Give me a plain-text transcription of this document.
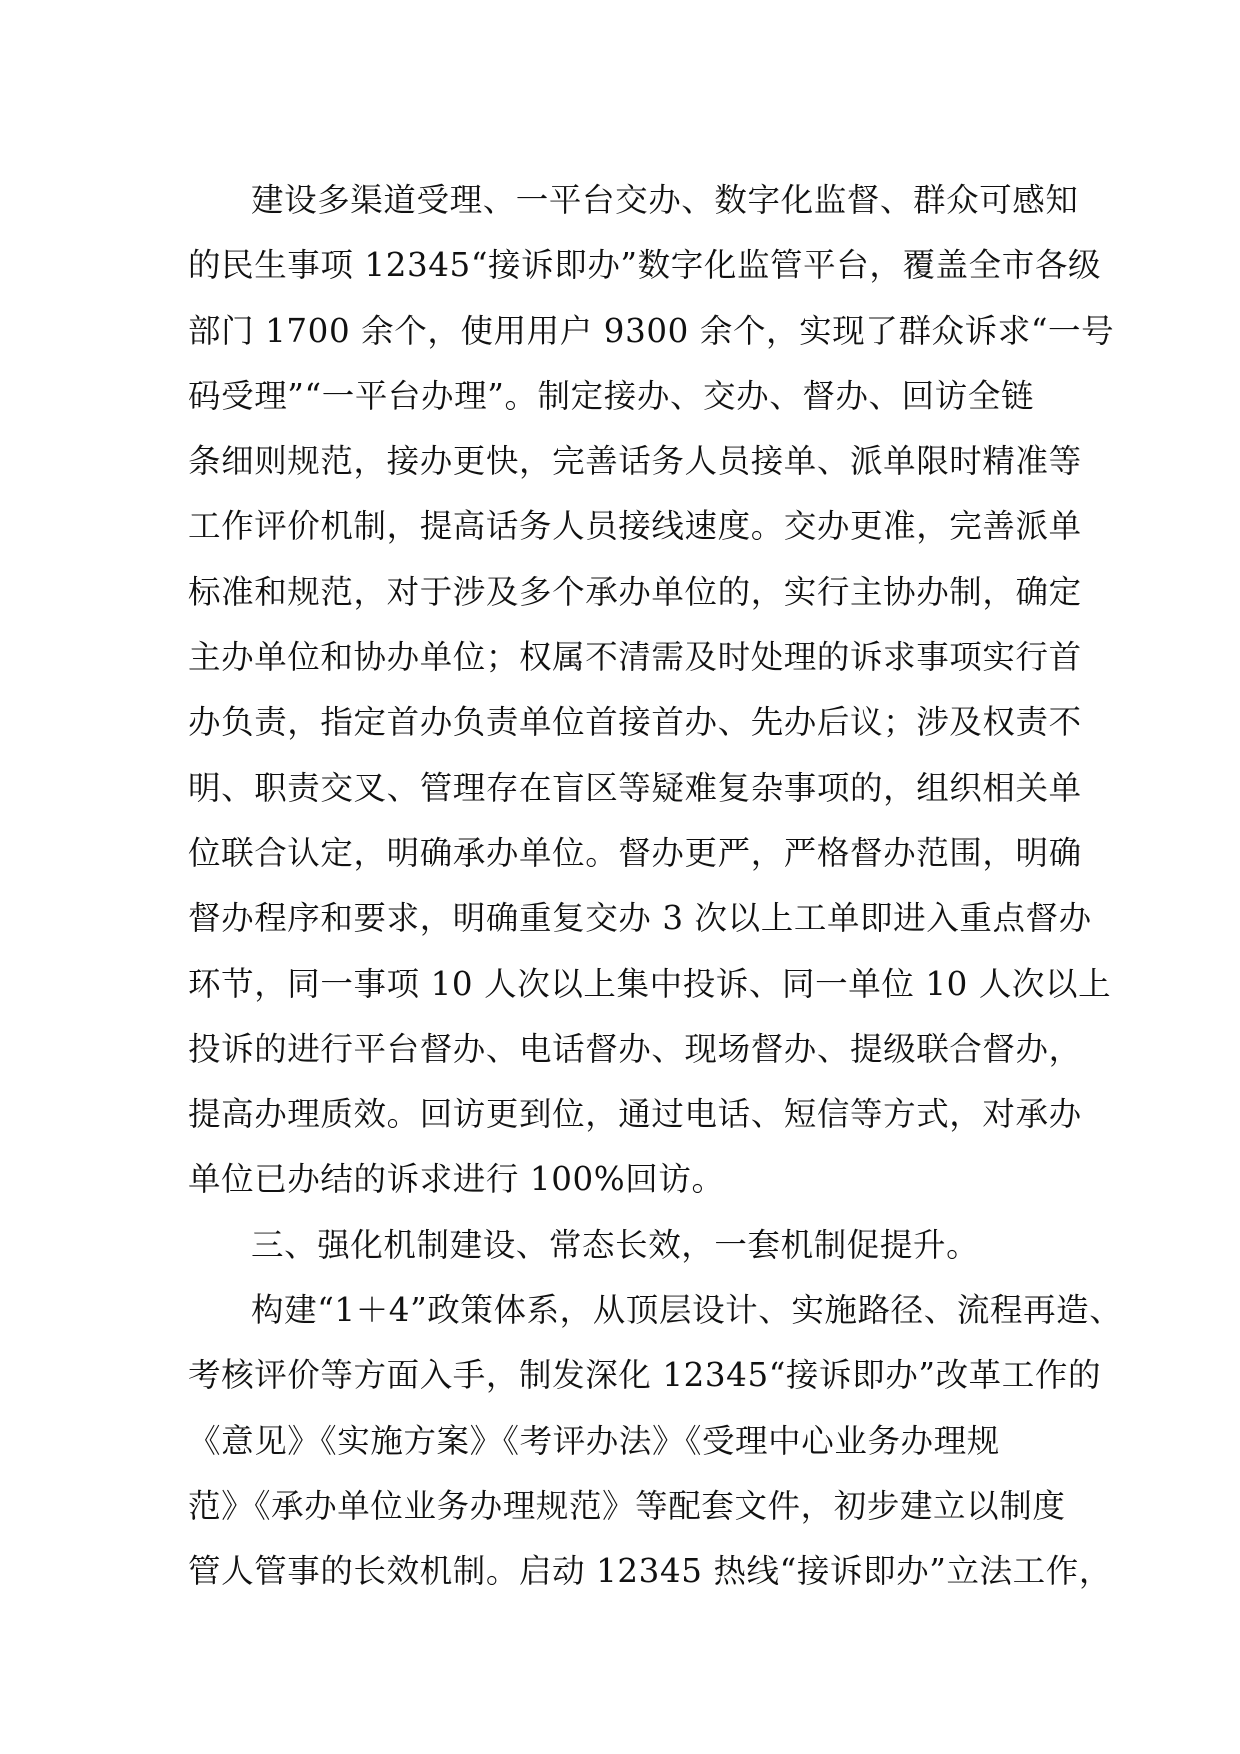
建设多渠道受理、一平台交办、数字化监督、群众可感知
的民生事项 12345“接诉即办”数字化监管平台，覆盖全市各级
部门 1700 余个，使用用户 9300 余个，实现了群众诉求“一号
码受理”“一平台办理”。制定接办、交办、督办、回访全链
条细则规范，接办更快，完善话务人员接单、派单限时精准等
工作评价机制，提高话务人员接线速度。交办更准，完善派单
标准和规范，对于涉及多个承办单位的，实行主协办制，确定
主办单位和协办单位；权属不清需及时处理的诉求事项实行首
办负责，指定首办负责单位首接首办、先办后议；涉及权责不
明、职责交叉、管理存在盲区等疑难复杂事项的，组织相关单
位联合认定，明确承办单位。督办更严，严格督办范围，明确
督办程序和要求，明确重复交办 3 次以上工单即进入重点督办
环节，同一事项 10 人次以上集中投诉、同一单位 10 人次以上
投诉的进行平台督办、电话督办、现场督办、提级联合督办，
提高办理质效。回访更到位，通过电话、短信等方式，对承办
单位已办结的诉求进行 100%回访。
三、强化机制建设、常态长效，一套机制促提升。
构建“1＋4”政策体系，从顶层设计、实施路径、流程再造、
考核评价等方面入手，制发深化 12345“接诉即办”改革工作的
《意见》《实施方案》《考评办法》《受理中心业务办理规
范》《承办单位业务办理规范》等配套文件，初步建立以制度
管人管事的长效机制。启动 12345 热线“接诉即办”立法工作，
